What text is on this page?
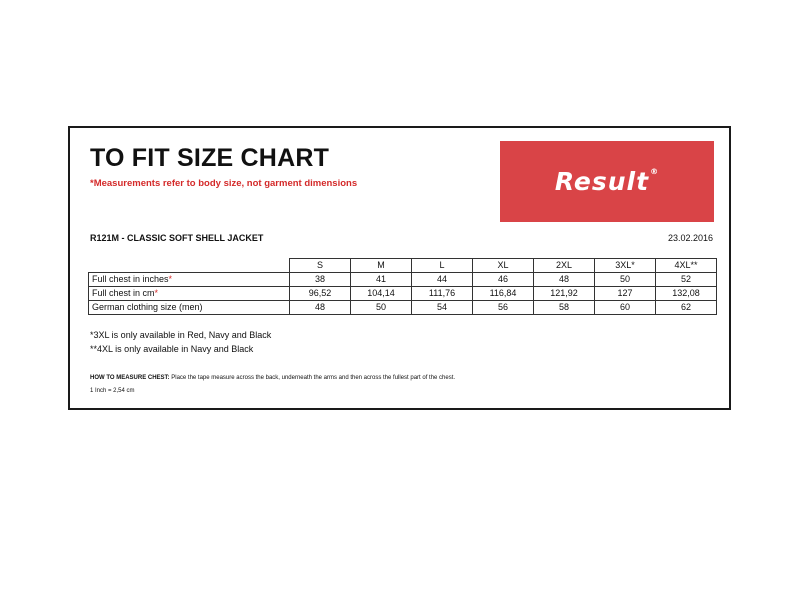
TO FIT SIZE CHART
*Measurements refer to body size, not garment dimensions	Result®
R121M - CLASSIC SOFT SHELL JACKET	23.02.2016
	S	M	L	XL	2XL	3XL*	4XL**
Full chest in inches*	38	41	44	46	48	50	52
Full chest in cm*	96,52	104,14	111,76	116,84	121,92	127	132,08
German clothing size (men)	48	50	54	56	58	60	62
*3XL is only available in Red, Navy and Black
**4XL is only available in Navy and Black
HOW TO MEASURE CHEST: Place the tape measure across the back, underneath the arms and then across the fullest part of the chest.
1 Inch = 2,54 cm
